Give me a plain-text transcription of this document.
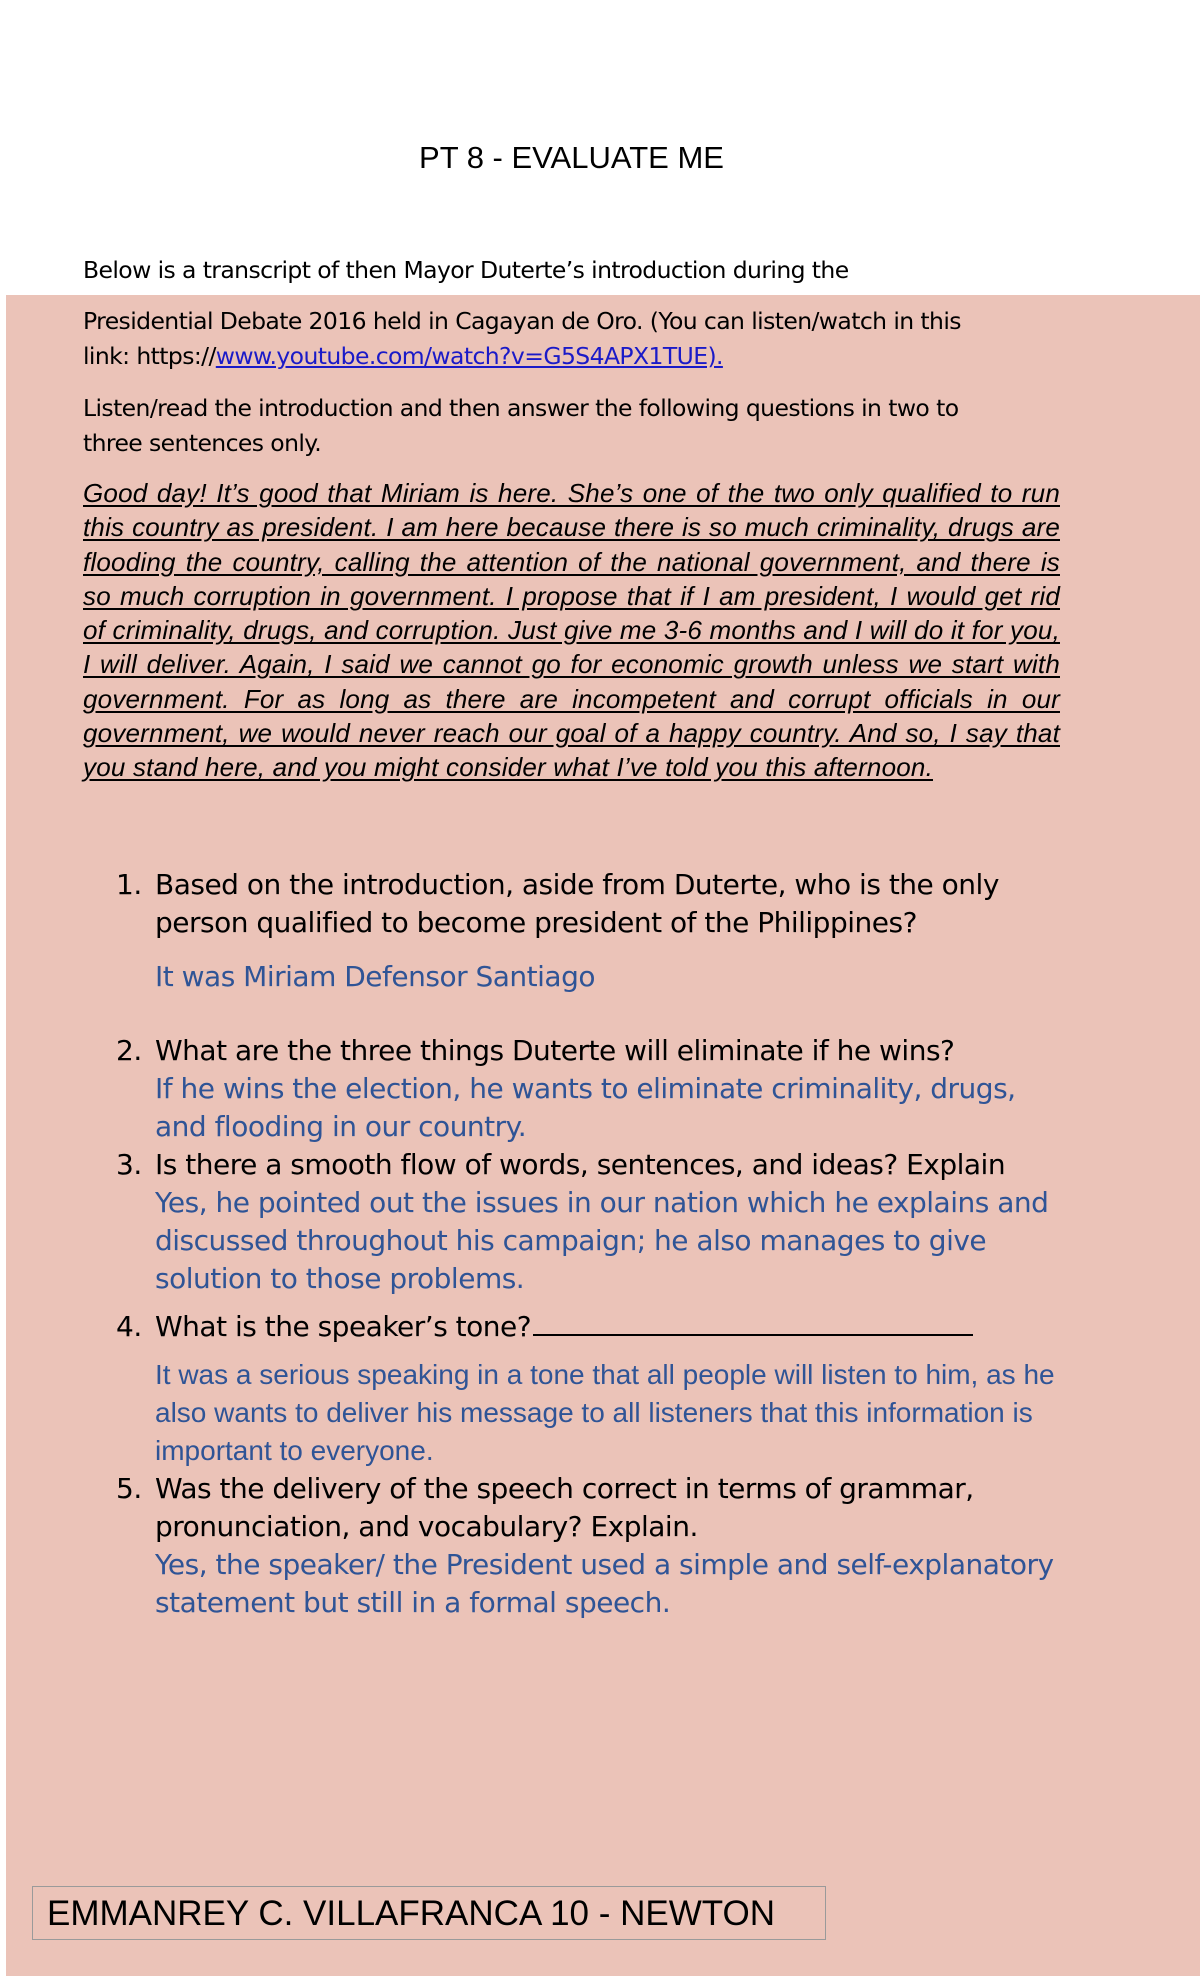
PT 8 - EVALUATE ME
Below is a transcript of then Mayor Duterte’s introduction during the
Presidential Debate 2016 held in Cagayan de Oro. (You can listen/watch in this
link: https://www.youtube.com/watch?v=G5S4APX1TUE).
Listen/read the introduction and then answer the following questions in two to
three sentences only.
Good day! It’s good that Miriam is here. She’s one of the two only qualified to run this country as president. I am here because there is so much criminality, drugs are flooding the country, calling the attention of the national government, and there is so much corruption in government. I propose that if I am president, I would get rid of criminality, drugs, and corruption. Just give me 3-6 months and I will do it for you, I will deliver. Again, I said we cannot go for economic growth unless we start with government. For as long as there are incompetent and corrupt officials in our government, we would never reach our goal of a happy country. And so, I say that you stand here, and you might consider what I’ve told you this afternoon.
1. Based on the introduction, aside from Duterte, who is the only person qualified to become president of the Philippines?
It was Miriam Defensor Santiago
2. What are the three things Duterte will eliminate if he wins?
If he wins the election, he wants to eliminate criminality, drugs, and flooding in our country.
3. Is there a smooth flow of words, sentences, and ideas? Explain
Yes, he pointed out the issues in our nation which he explains and discussed throughout his campaign; he also manages to give solution to those problems.
4. What is the speaker’s tone?
It was a serious speaking in a tone that all people will listen to him, as he also wants to deliver his message to all listeners that this information is important to everyone.
5. Was the delivery of the speech correct in terms of grammar, pronunciation, and vocabulary? Explain.
Yes, the speaker/ the President used a simple and self-explanatory statement but still in a formal speech.
EMMANREY C. VILLAFRANCA 10 - NEWTON
